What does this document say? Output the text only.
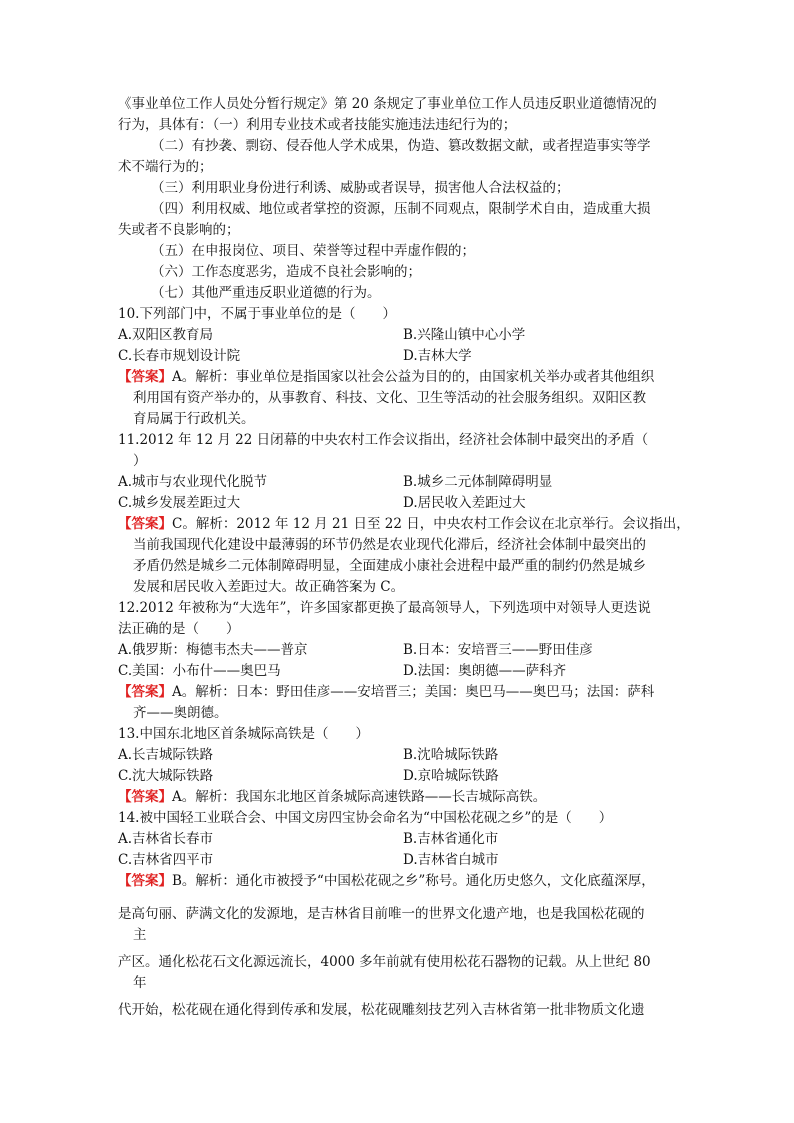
《事业单位工作人员处分暂行规定》第 20 条规定了事业单位工作人员违反职业道德情况的
行为，具体有：（一）利用专业技术或者技能实施违法违纪行为的；
（二）有抄袭、剽窃、侵吞他人学术成果，伪造、篡改数据文献，或者捏造事实等学
术不端行为的；
（三）利用职业身份进行利诱、威胁或者误导，损害他人合法权益的；
（四）利用权威、地位或者掌控的资源，压制不同观点，限制学术自由，造成重大损
失或者不良影响的；
（五）在申报岗位、项目、荣誉等过程中弄虚作假的；
（六）工作态度恶劣，造成不良社会影响的；
（七）其他严重违反职业道德的行为。
10.下列部门中，不属于事业单位的是（　　）
A.双阳区教育局	B.兴隆山镇中心小学
C.长春市规划设计院	D.吉林大学
【答案】A。解析：事业单位是指国家以社会公益为目的的，由国家机关举办或者其他组织
利用国有资产举办的，从事教育、科技、文化、卫生等活动的社会服务组织。双阳区教
育局属于行政机关。
11.2012 年 12 月 22 日闭幕的中央农村工作会议指出，经济社会体制中最突出的矛盾（
）
A.城市与农业现代化脱节	B.城乡二元体制障碍明显
C.城乡发展差距过大	D.居民收入差距过大
【答案】C。解析：2012 年 12 月 21 日至 22 日，中央农村工作会议在北京举行。会议指出，
当前我国现代化建设中最薄弱的环节仍然是农业现代化滞后，经济社会体制中最突出的
矛盾仍然是城乡二元体制障碍明显，全面建成小康社会进程中最严重的制约仍然是城乡
发展和居民收入差距过大。故正确答案为 C。
12.2012 年被称为“大选年”，许多国家都更换了最高领导人，下列选项中对领导人更迭说
法正确的是（　　）
A.俄罗斯：梅德韦杰夫——普京	B.日本：安培晋三——野田佳彦
C.美国：小布什——奥巴马	D.法国：奥朗德——萨科齐
【答案】A。解析：日本：野田佳彦——安培晋三；美国：奥巴马——奥巴马；法国：萨科
齐——奥朗德。
13.中国东北地区首条城际高铁是（　　）
A.长吉城际铁路	B.沈哈城际铁路
C.沈大城际铁路	D.京哈城际铁路
【答案】A。解析：我国东北地区首条城际高速铁路——长吉城际高铁。
14.被中国轻工业联合会、中国文房四宝协会命名为“中国松花砚之乡”的是（　　）
A.吉林省长春市	B.吉林省通化市
C.吉林省四平市	D.吉林省白城市
【答案】B。解析：通化市被授予“中国松花砚之乡”称号。通化历史悠久，文化底蕴深厚，
是高句丽、萨满文化的发源地，是吉林省目前唯一的世界文化遗产地，也是我国松花砚的
主
产区。通化松花石文化源远流长，4000 多年前就有使用松花石器物的记载。从上世纪 80
年
代开始，松花砚在通化得到传承和发展，松花砚雕刻技艺列入吉林省第一批非物质文化遗
